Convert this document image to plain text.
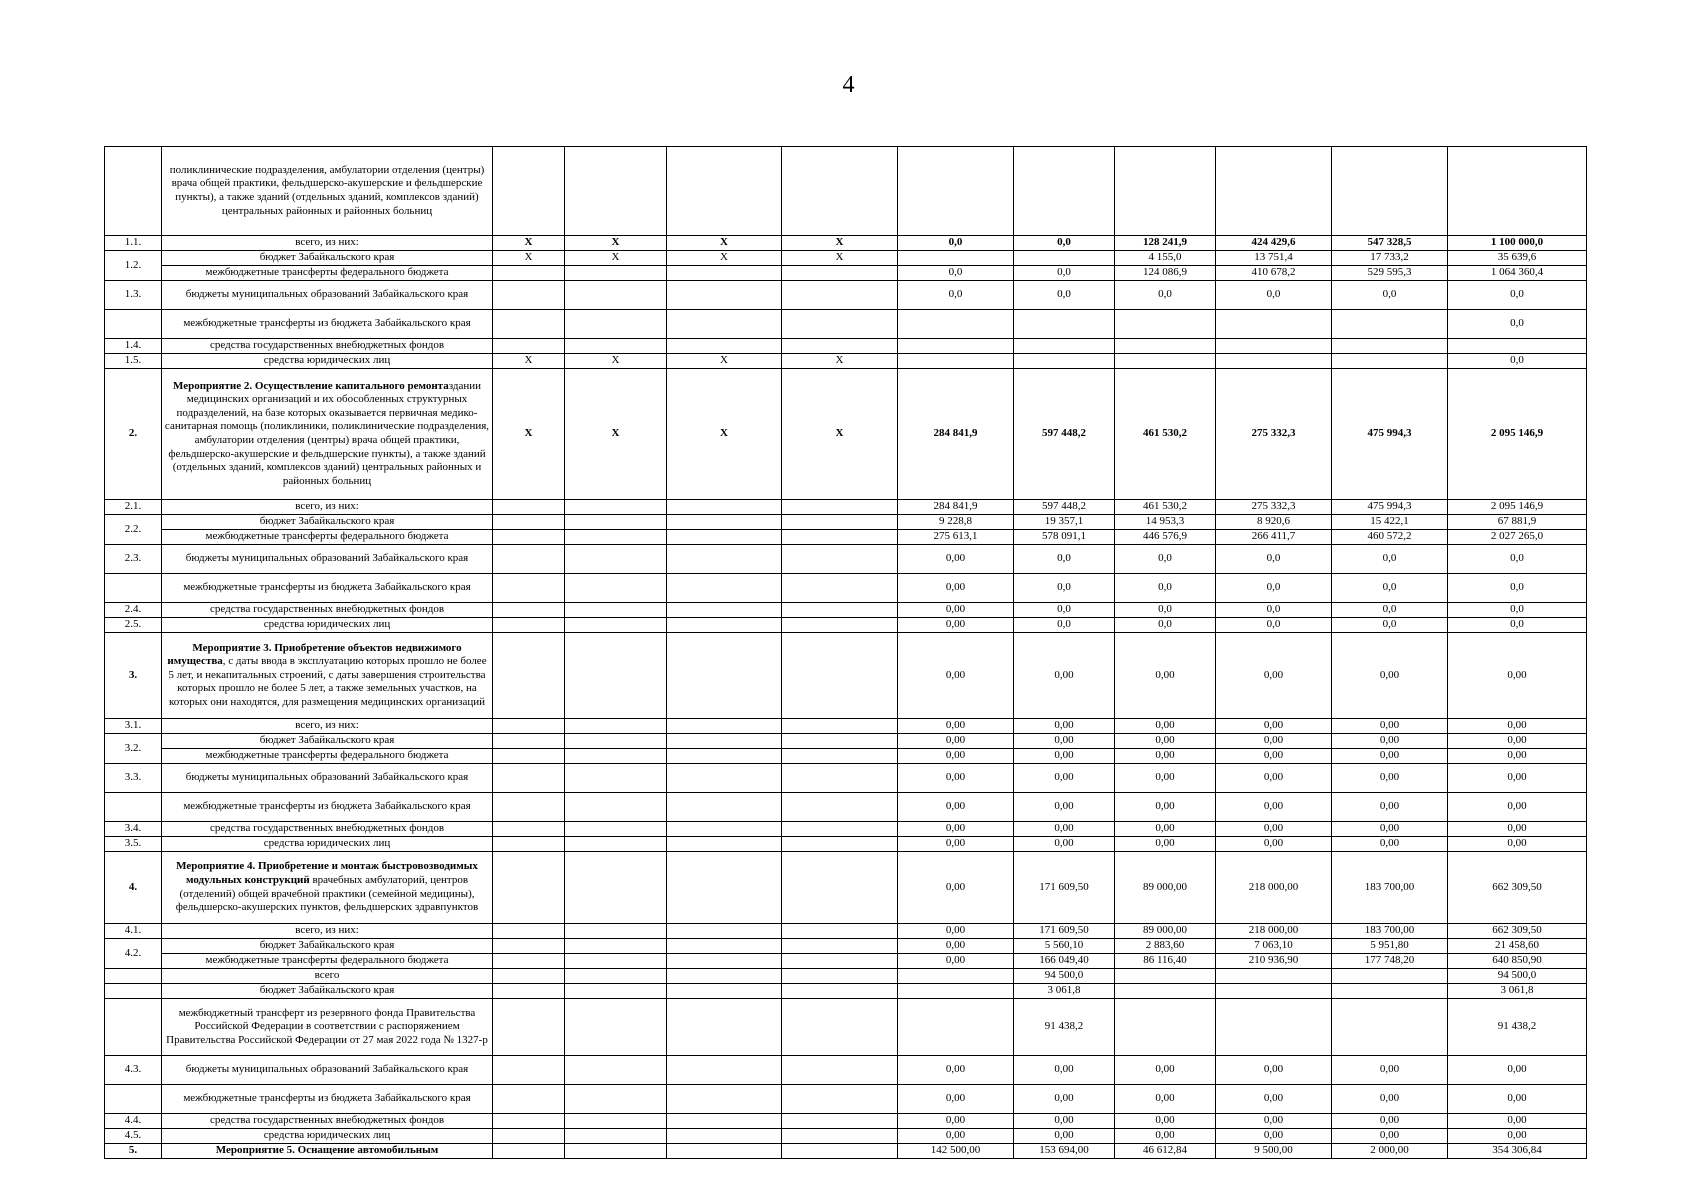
4
	поликлинические подразделения, амбулатории отделения (центры) врача общей практики, фельдшерско-акушерские и фельдшерские пункты), а также зданий (отдельных зданий, комплексов зданий) центральных районных и районных больниц										
1.1.	всего, из них:	X	X	X	X	0,0	0,0	128 241,9	424 429,6	547 328,5	1 100 000,0
1.2.	бюджет Забайкальского края	X	X	X	X			4 155,0	13 751,4	17 733,2	35 639,6
	межбюджетные трансферты федерального бюджета					0,0	0,0	124 086,9	410 678,2	529 595,3	1 064 360,4
1.3.	бюджеты муниципальных образований Забайкальского края					0,0	0,0	0,0	0,0	0,0	0,0
	межбюджетные трансферты из бюджета Забайкальского края										0,0
1.4.	средства государственных внебюджетных фондов										
1.5.	средства юридических лиц	X	X	X	X						0,0
2.	Мероприятие 2. Осуществление капитального ремонтаздании медицинских организаций и их обособленных структурных подразделений, на базе которых оказывается первичная медико-санитарная помощь (поликлиники, поликлинические подразделения, амбулатории отделения (центры) врача общей практики, фельдшерско-акушерские и фельдшерские пункты), а также зданий (отдельных зданий, комплексов зданий) центральных районных и районных больниц	X	X	X	X	284 841,9	597 448,2	461 530,2	275 332,3	475 994,3	2 095 146,9
2.1.	всего, из них:					284 841,9	597 448,2	461 530,2	275 332,3	475 994,3	2 095 146,9
2.2.	бюджет Забайкальского края					9 228,8	19 357,1	14 953,3	8 920,6	15 422,1	67 881,9
	межбюджетные трансферты федерального бюджета					275 613,1	578 091,1	446 576,9	266 411,7	460 572,2	2 027 265,0
2.3.	бюджеты муниципальных образований Забайкальского края					0,00	0,0	0,0	0,0	0,0	0,0
	межбюджетные трансферты из бюджета Забайкальского края					0,00	0,0	0,0	0,0	0,0	0,0
2.4.	средства государственных внебюджетных фондов					0,00	0,0	0,0	0,0	0,0	0,0
2.5.	средства юридических лиц					0,00	0,0	0,0	0,0	0,0	0,0
3.	Мероприятие 3. Приобретение объектов недвижимого имущества, с даты ввода в эксплуатацию которых прошло не более 5 лет, и некапитальных строений, с даты завершения строительства которых прошло не более 5 лет, а также земельных участков, на которых они находятся, для размещения медицинских организаций					0,00	0,00	0,00	0,00	0,00	0,00
3.1.	всего, из них:					0,00	0,00	0,00	0,00	0,00	0,00
3.2.	бюджет Забайкальского края					0,00	0,00	0,00	0,00	0,00	0,00
	межбюджетные трансферты федерального бюджета					0,00	0,00	0,00	0,00	0,00	0,00
3.3.	бюджеты муниципальных образований Забайкальского края					0,00	0,00	0,00	0,00	0,00	0,00
	межбюджетные трансферты из бюджета Забайкальского края					0,00	0,00	0,00	0,00	0,00	0,00
3.4.	средства государственных внебюджетных фондов					0,00	0,00	0,00	0,00	0,00	0,00
3.5.	средства юридических лиц					0,00	0,00	0,00	0,00	0,00	0,00
4.	Мероприятие 4. Приобретение и монтаж быстровозводимых модульных конструкций врачебных амбулаторий, центров (отделений) общей врачебной практики (семейной медицины), фельдшерско-акушерских пунктов, фельдшерских здравпунктов					0,00	171 609,50	89 000,00	218 000,00	183 700,00	662 309,50
4.1.	всего, из них:					0,00	171 609,50	89 000,00	218 000,00	183 700,00	662 309,50
4.2.	бюджет Забайкальского края					0,00	5 560,10	2 883,60	7 063,10	5 951,80	21 458,60
	межбюджетные трансферты федерального бюджета					0,00	166 049,40	86 116,40	210 936,90	177 748,20	640 850,90
	всего						94 500,0				94 500,0
	бюджет Забайкальского края						3 061,8				3 061,8
	межбюджетный трансферт из резервного фонда Правительства Российской Федерации в соответствии с распоряжением Правительства Российской Федерации от 27 мая 2022 года № 1327-р						91 438,2				91 438,2
4.3.	бюджеты муниципальных образований Забайкальского края					0,00	0,00	0,00	0,00	0,00	0,00
	межбюджетные трансферты из бюджета Забайкальского края					0,00	0,00	0,00	0,00	0,00	0,00
4.4.	средства государственных внебюджетных фондов					0,00	0,00	0,00	0,00	0,00	0,00
4.5.	средства юридических лиц					0,00	0,00	0,00	0,00	0,00	0,00
5.	Мероприятие 5. Оснащение автомобильным					142 500,00	153 694,00	46 612,84	9 500,00	2 000,00	354 306,84
